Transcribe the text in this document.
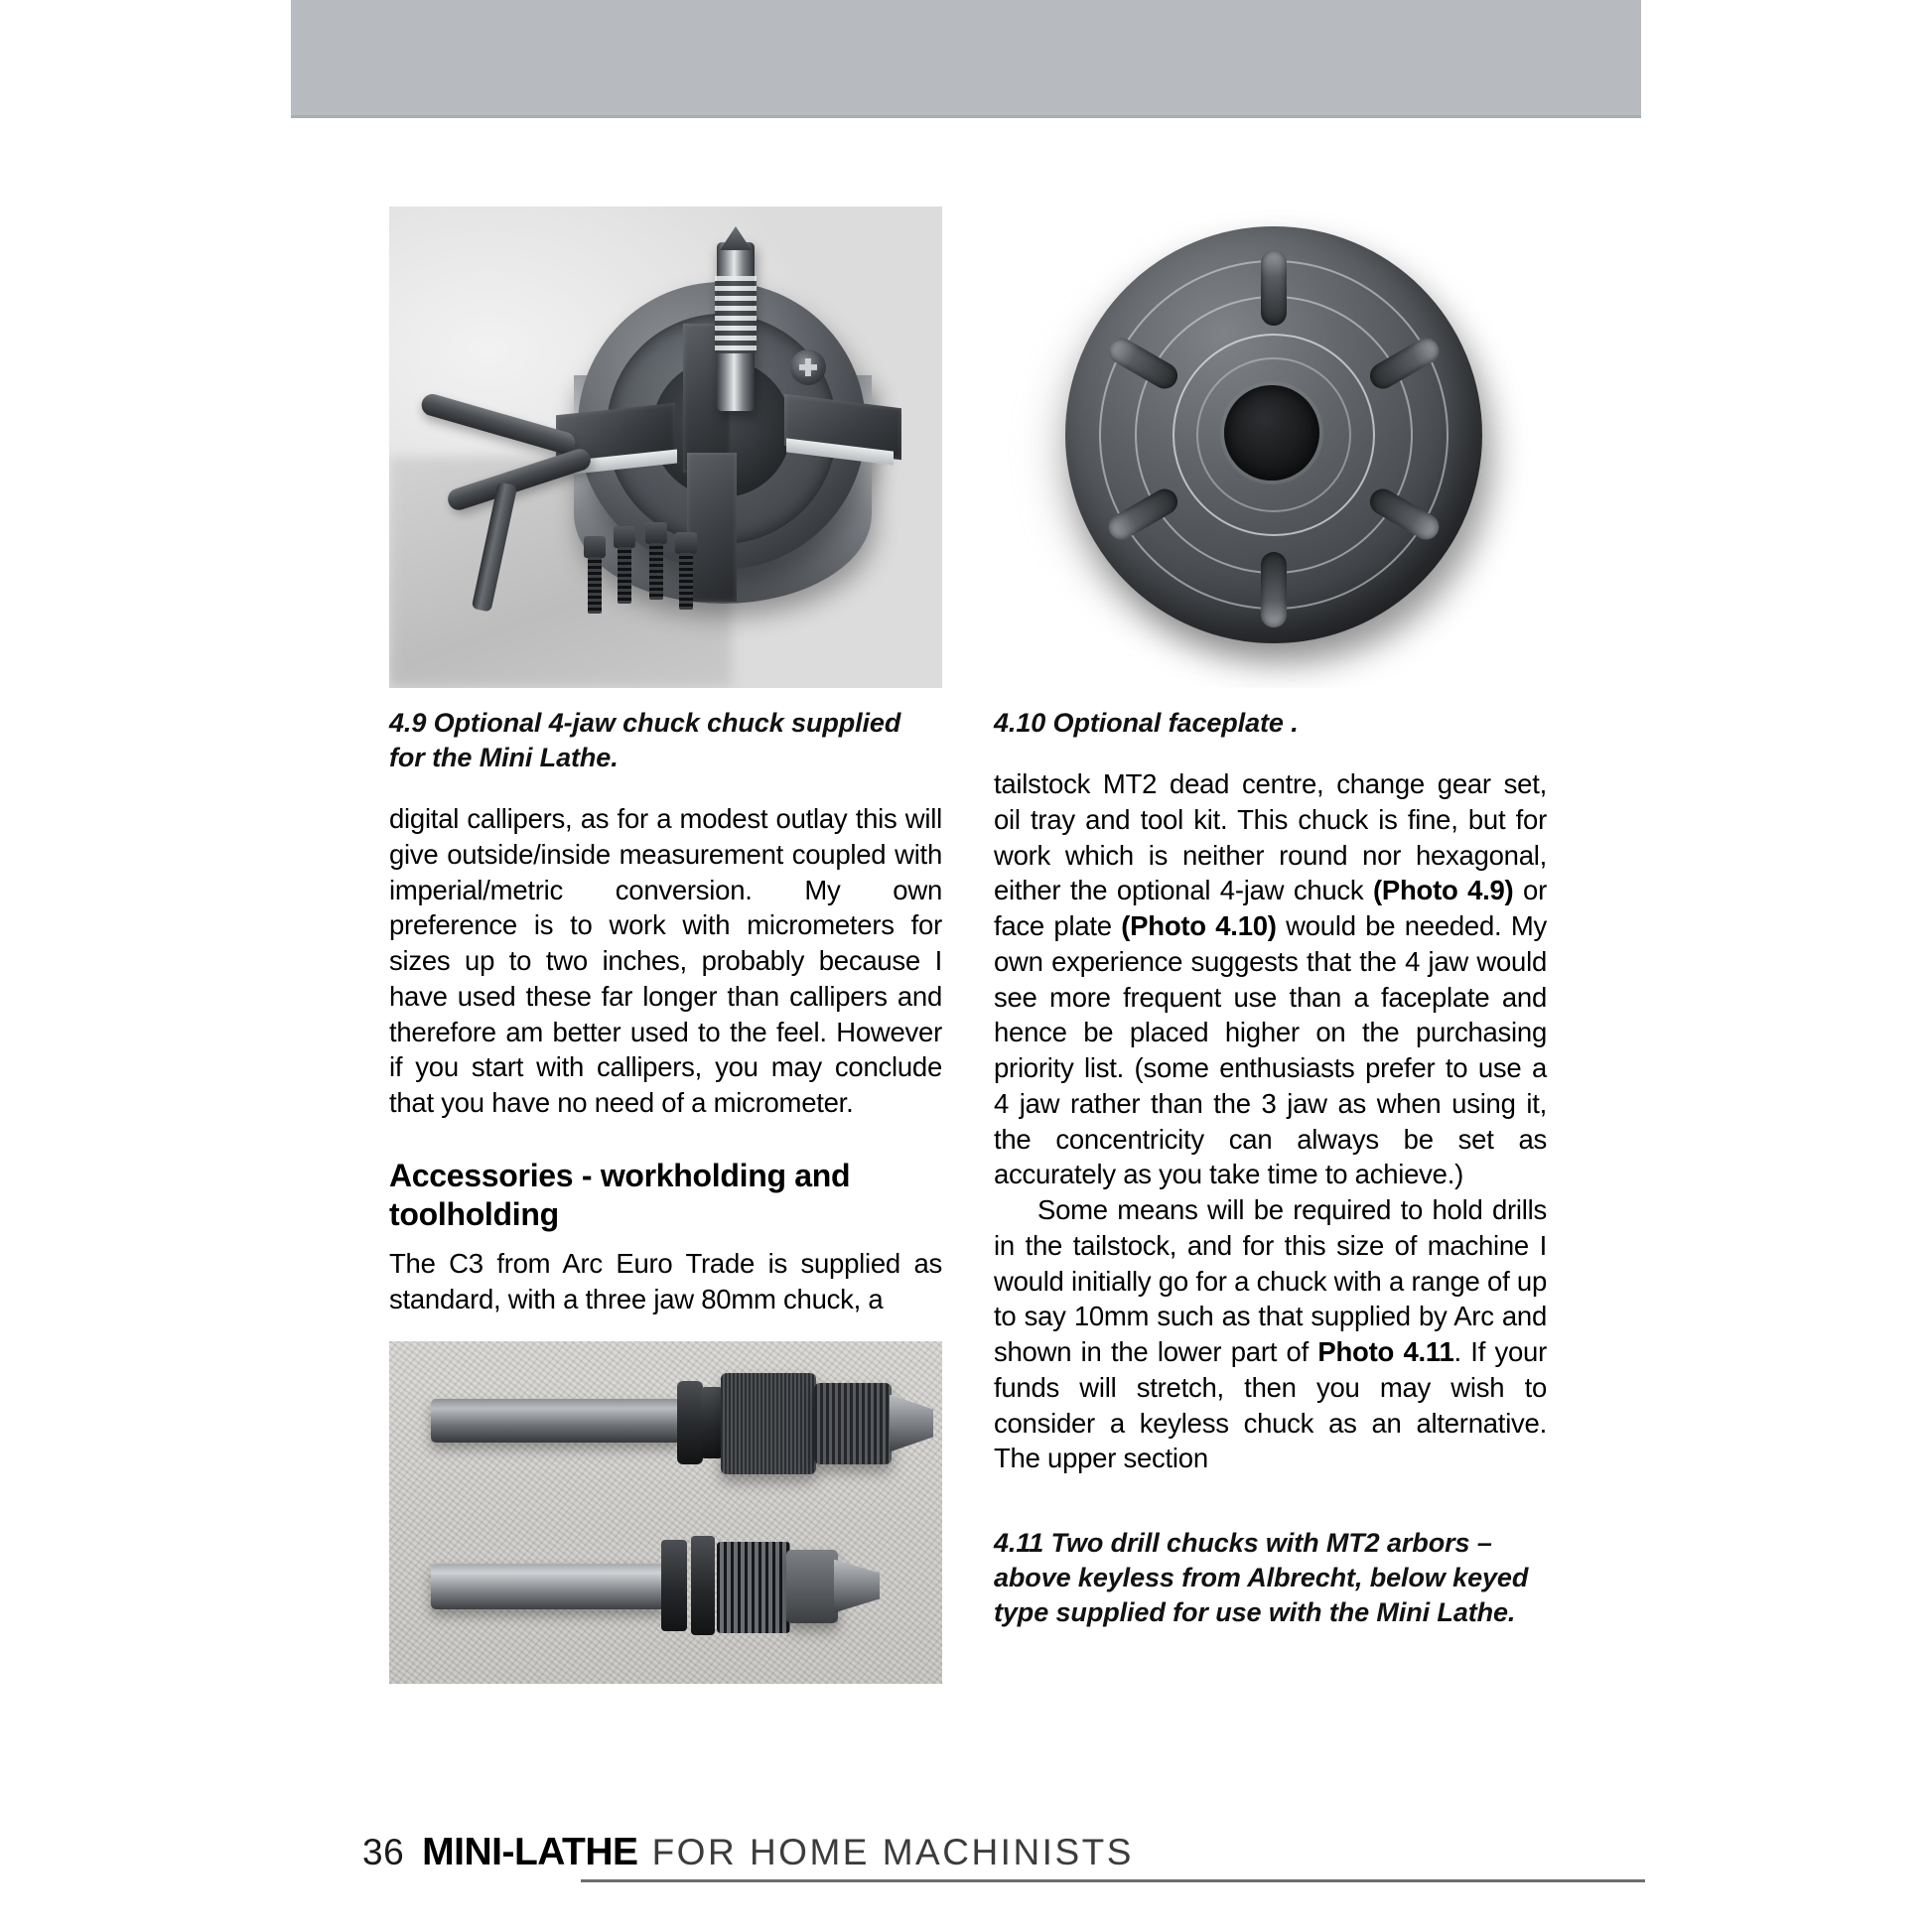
4.9 Optional 4-jaw chuck chuck supplied for the Mini Lathe.
digital callipers, as for a modest outlay this will give outside/inside measurement coupled with imperial/metric conversion. My own preference is to work with micrometers for sizes up to two inches, probably because I have used these far longer than callipers and therefore am better used to the feel. However if you start with callipers, you may conclude that you have no need of a micrometer.
Accessories - workholding and toolholding
The C3 from Arc Euro Trade is supplied as standard, with a three jaw 80mm chuck, a
4.10 Optional faceplate .
tailstock MT2 dead centre, change gear set, oil tray and tool kit. This chuck is fine, but for work which is neither round nor hexagonal, either the optional 4-jaw chuck (Photo 4.9) or face plate (Photo 4.10) would be needed. My own experience suggests that the 4 jaw would see more frequent use than a faceplate and hence be placed higher on the purchasing priority list. (some enthusiasts prefer to use a 4 jaw rather than the 3 jaw as when using it, the concentricity can always be set as accurately as you take time to achieve.)
Some means will be required to hold drills in the tailstock, and for this size of machine I would initially go for a chuck with a range of up to say 10mm such as that supplied by Arc and shown in the lower part of Photo 4.11. If your funds will stretch, then you may wish to consider a keyless chuck as an alternative. The upper section
4.11 Two drill chucks with MT2 arbors – above keyless from Albrecht, below keyed type supplied for use with the Mini Lathe.
36 MINI-LATHE FOR HOME MACHINISTS
